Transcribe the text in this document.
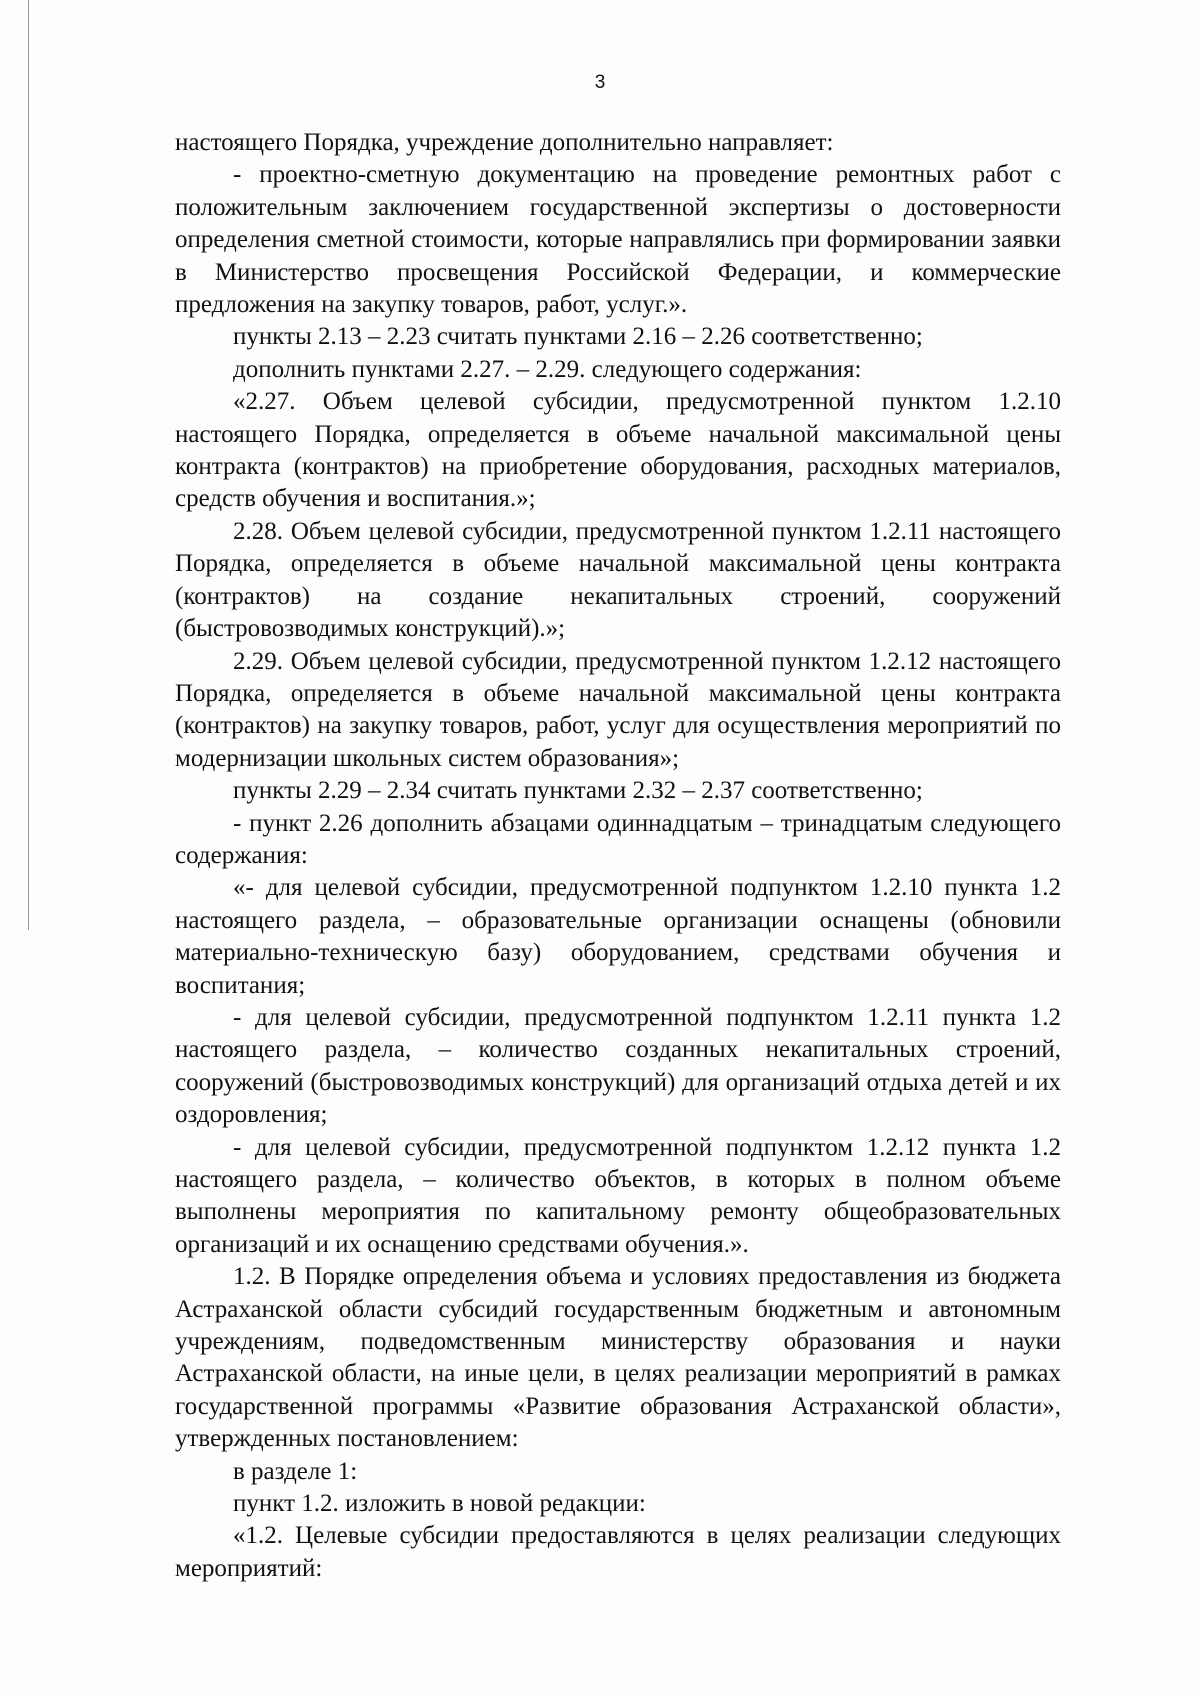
3

настоящего Порядка, учреждение дополнительно направляет:

- проектно-сметную документацию на проведение ремонтных работ с положительным заключением государственной экспертизы о достоверности определения сметной стоимости, которые направлялись при формировании заявки в Министерство просвещения Российской Федерации, и коммерческие предложения на закупку товаров, работ, услуг.».

пункты 2.13 – 2.23 считать пунктами 2.16 – 2.26 соответственно;

дополнить пунктами 2.27. – 2.29. следующего содержания:

«2.27. Объем целевой субсидии, предусмотренной пунктом 1.2.10 настоящего Порядка, определяется в объеме начальной максимальной цены контракта (контрактов) на приобретение оборудования, расходных материалов, средств обучения и воспитания.»;

2.28. Объем целевой субсидии, предусмотренной пунктом 1.2.11 настоящего Порядка, определяется в объеме начальной максимальной цены контракта (контрактов) на создание некапитальных строений, сооружений (быстровозводимых конструкций).»;

2.29. Объем целевой субсидии, предусмотренной пунктом 1.2.12 настоящего Порядка, определяется в объеме начальной максимальной цены контракта (контрактов) на закупку товаров, работ, услуг для осуществления мероприятий по модернизации школьных систем образования»;

пункты 2.29 – 2.34 считать пунктами 2.32 – 2.37 соответственно;

- пункт 2.26 дополнить абзацами одиннадцатым – тринадцатым следующего содержания:

«- для целевой субсидии, предусмотренной подпунктом 1.2.10 пункта 1.2 настоящего раздела, – образовательные организации оснащены (обновили материально-техническую базу) оборудованием, средствами обучения и воспитания;

- для целевой субсидии, предусмотренной подпунктом 1.2.11 пункта 1.2 настоящего раздела, – количество созданных некапитальных строений, сооружений (быстровозводимых конструкций) для организаций отдыха детей и их оздоровления;

- для целевой субсидии, предусмотренной подпунктом 1.2.12 пункта 1.2 настоящего раздела, – количество объектов, в которых в полном объеме выполнены мероприятия по капитальному ремонту общеобразовательных организаций и их оснащению средствами обучения.».

1.2. В Порядке определения объема и условиях предоставления из бюджета Астраханской области субсидий государственным бюджетным и автономным учреждениям, подведомственным министерству образования и науки Астраханской области, на иные цели, в целях реализации мероприятий в рамках государственной программы «Развитие образования Астраханской области», утвержденных постановлением:

в разделе 1:

пункт 1.2. изложить в новой редакции:

«1.2. Целевые субсидии предоставляются в целях реализации следующих мероприятий:
